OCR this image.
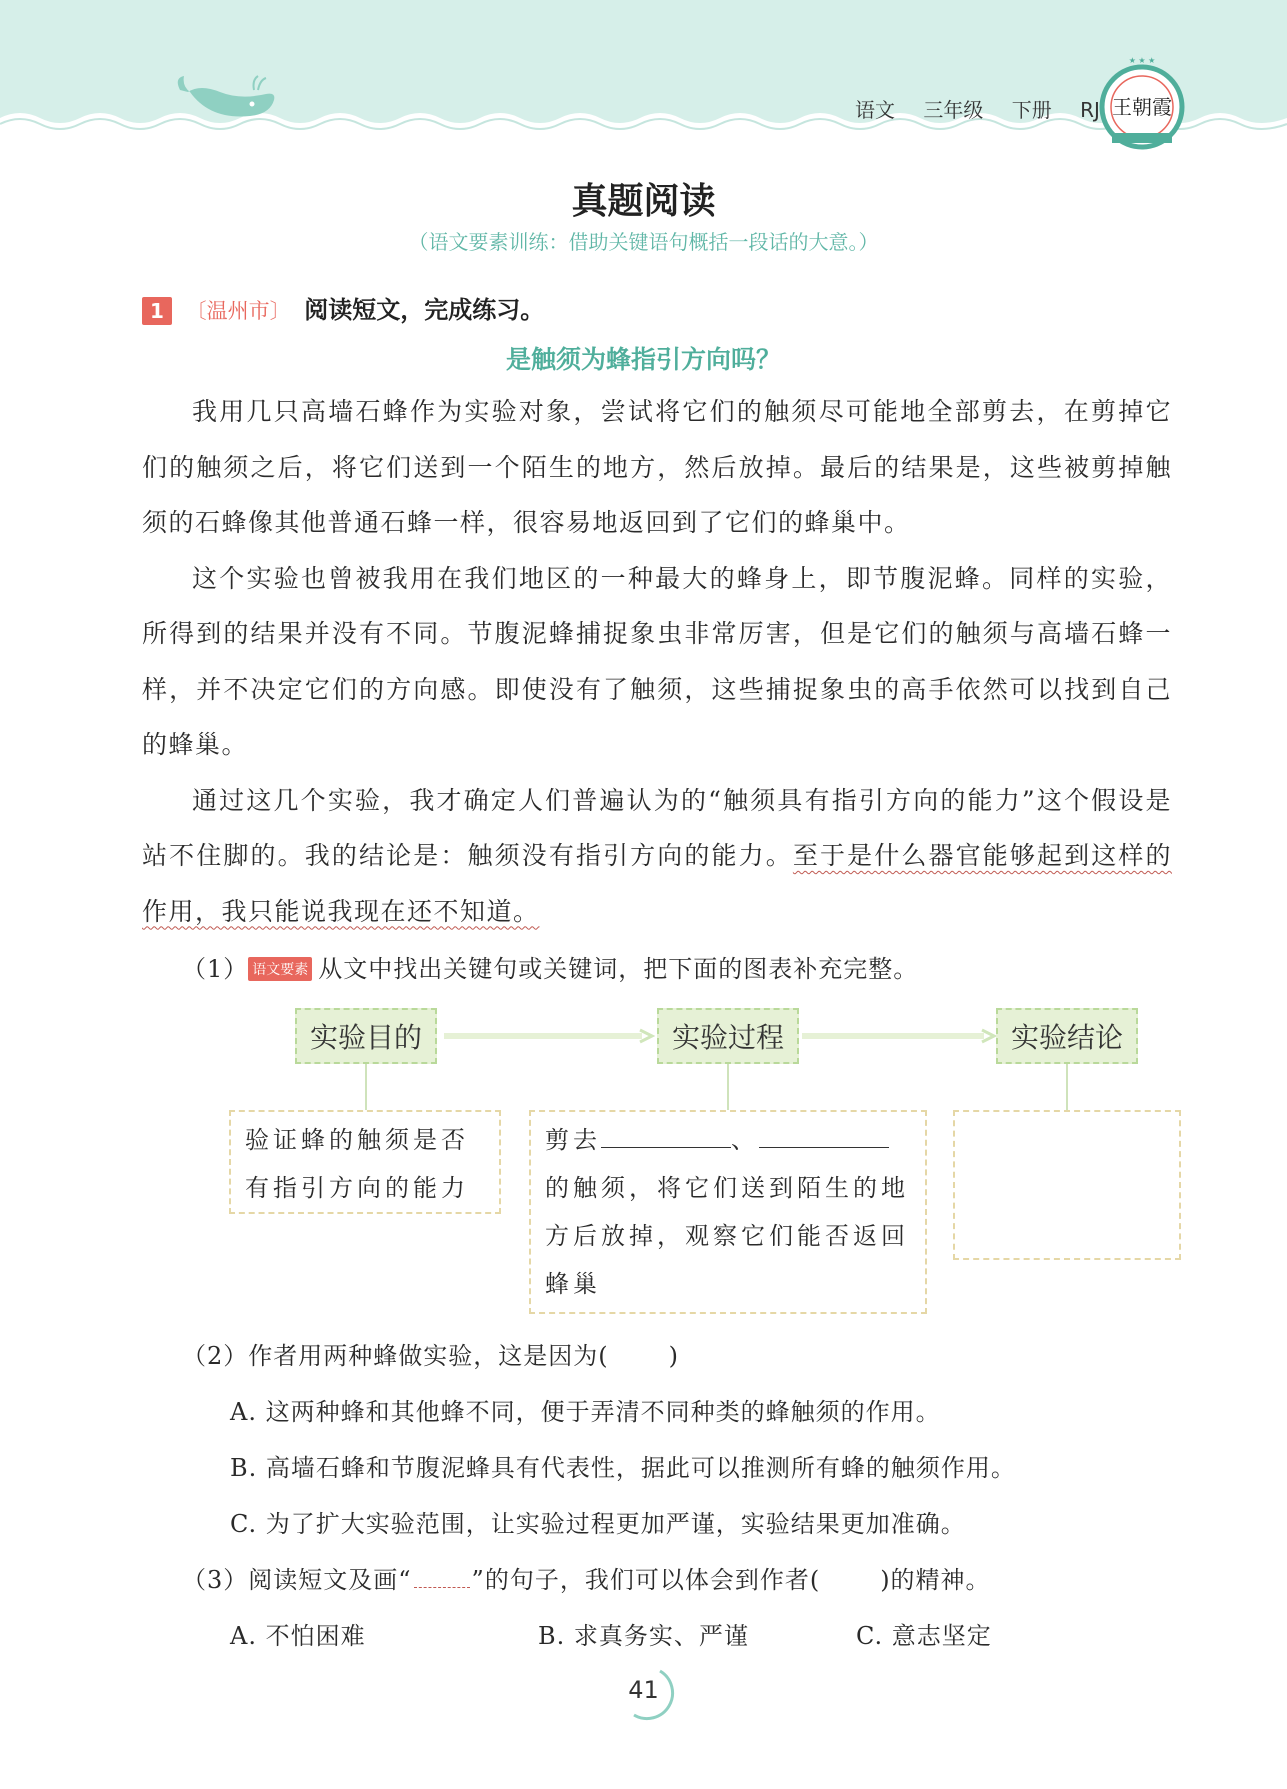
语文 三年级 下册 RJ
★ ★ ★
王朝霞
真题阅读
（语文要素训练：借助关键语句概括一段话的大意。）
1 〔温州市〕 阅读短文，完成练习。
是触须为蜂指引方向吗？

我用几只高墙石蜂作为实验对象，尝试将它们的触须尽可能地全部剪去，在剪掉它们的触须之后，将它们送到一个陌生的地方，然后放掉。最后的结果是，这些被剪掉触须的石蜂像其他普通石蜂一样，很容易地返回到了它们的蜂巢中。

这个实验也曾被我用在我们地区的一种最大的蜂身上，即节腹泥蜂。同样的实验，所得到的结果并没有不同。节腹泥蜂捕捉象虫非常厉害，但是它们的触须与高墙石蜂一样，并不决定它们的方向感。即使没有了触须，这些捕捉象虫的高手依然可以找到自己的蜂巢。

通过这几个实验，我才确定人们普遍认为的“触须具有指引方向的能力”这个假设是站不住脚的。我的结论是：触须没有指引方向的能力。至于是什么器官能够起到这样的作用，我只能说我现在还不知道。

（1） 语文要素 从文中找出关键句或关键词，把下面的图表补充完整。
实验目的	实验过程	实验结论
验证蜂的触须是否有指引方向的能力
剪去	、的触须，将它们送到陌生的地方后放掉，观察它们能否返回蜂巢
（2）作者用两种蜂做实验，这是因为(	)
A. 这两种蜂和其他蜂不同，便于弄清不同种类的蜂触须的作用。
B. 高墙石蜂和节腹泥蜂具有代表性，据此可以推测所有蜂的触须作用。
C. 为了扩大实验范围，让实验过程更加严谨，实验结果更加准确。
（3）阅读短文及画“	”的句子，我们可以体会到作者(	)的精神。
A. 不怕困难	B. 求真务实、严谨	C. 意志坚定
41
